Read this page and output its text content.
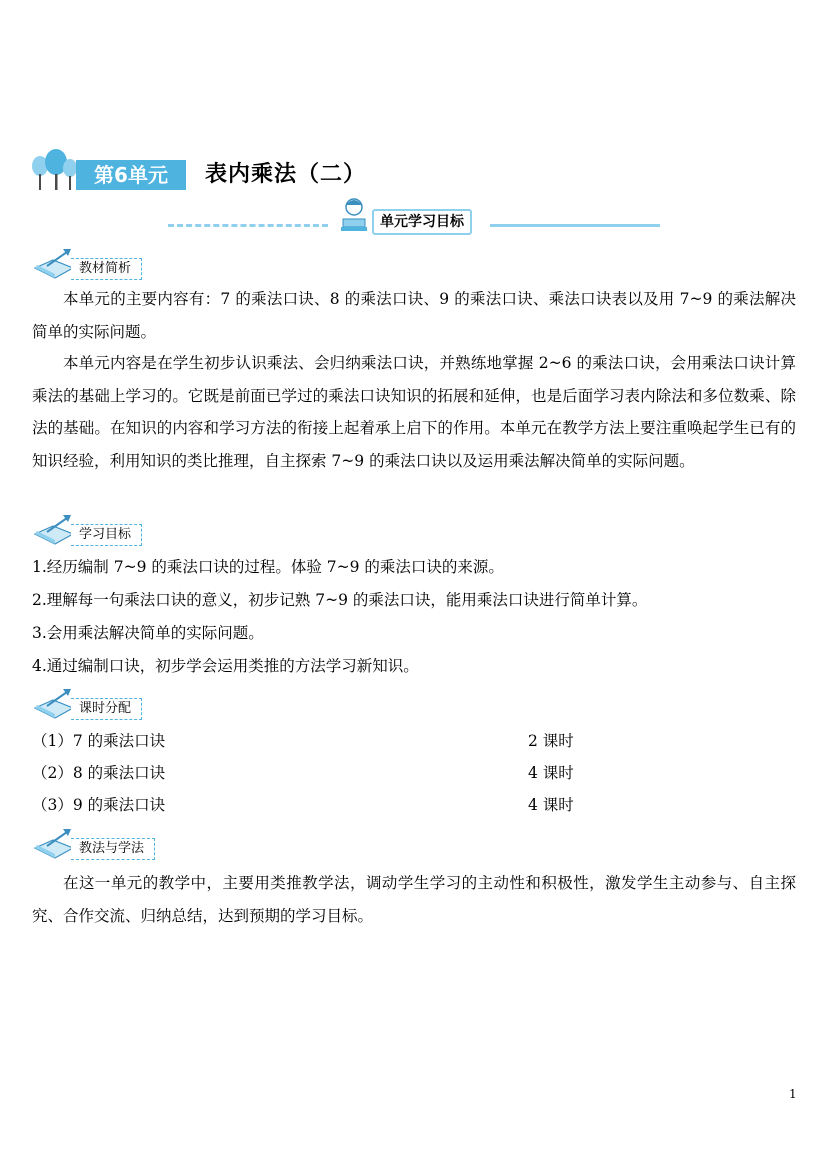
第6单元	表内乘法（二）
单元学习目标
教材简析

本单元的主要内容有：7 的乘法口诀、8 的乘法口诀、9 的乘法口诀、乘法口诀表以及用 7~9 的乘法解决简单的实际问题。

本单元内容是在学生初步认识乘法、会归纳乘法口诀，并熟练地掌握 2~6 的乘法口诀，会用乘法口诀计算乘法的基础上学习的。它既是前面已学过的乘法口诀知识的拓展和延伸，也是后面学习表内除法和多位数乘、除法的基础。在知识的内容和学习方法的衔接上起着承上启下的作用。本单元在教学方法上要注重唤起学生已有的知识经验，利用知识的类比推理，自主探索 7~9 的乘法口诀以及运用乘法解决简单的实际问题。

学习目标
1.经历编制 7~9 的乘法口诀的过程。体验 7~9 的乘法口诀的来源。
2.理解每一句乘法口诀的意义，初步记熟 7~9 的乘法口诀，能用乘法口诀进行简单计算。
3.会用乘法解决简单的实际问题。
4.通过编制口诀，初步学会运用类推的方法学习新知识。
课时分配
（1）7 的乘法口诀	2 课时
（2）8 的乘法口诀	4 课时
（3）9 的乘法口诀	4 课时
教法与学法

在这一单元的教学中，主要用类推教学法，调动学生学习的主动性和积极性，激发学生主动参与、自主探究、合作交流、归纳总结，达到预期的学习目标。

1
